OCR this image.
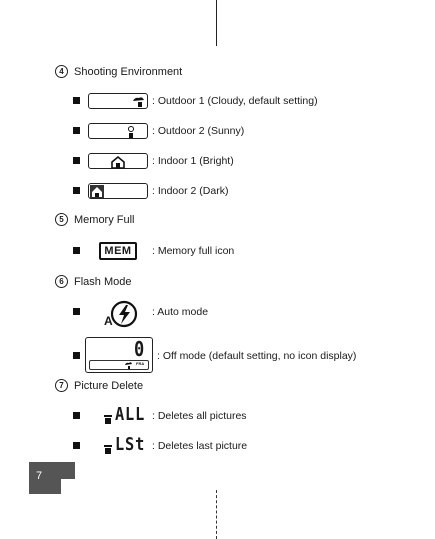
4 Shooting Environment
: Outdoor 1 (Cloudy, default setting)
: Outdoor 2 (Sunny)
: Indoor 1 (Bright)
: Indoor 2 (Dark)
5 Memory Full
MEM	: Memory full icon
6 Flash Mode
A
: Auto mode
0
FRA
: Off mode (default setting, no icon display)
7 Picture Delete
ALL : Deletes all pictures
LSt : Deletes last picture
7
